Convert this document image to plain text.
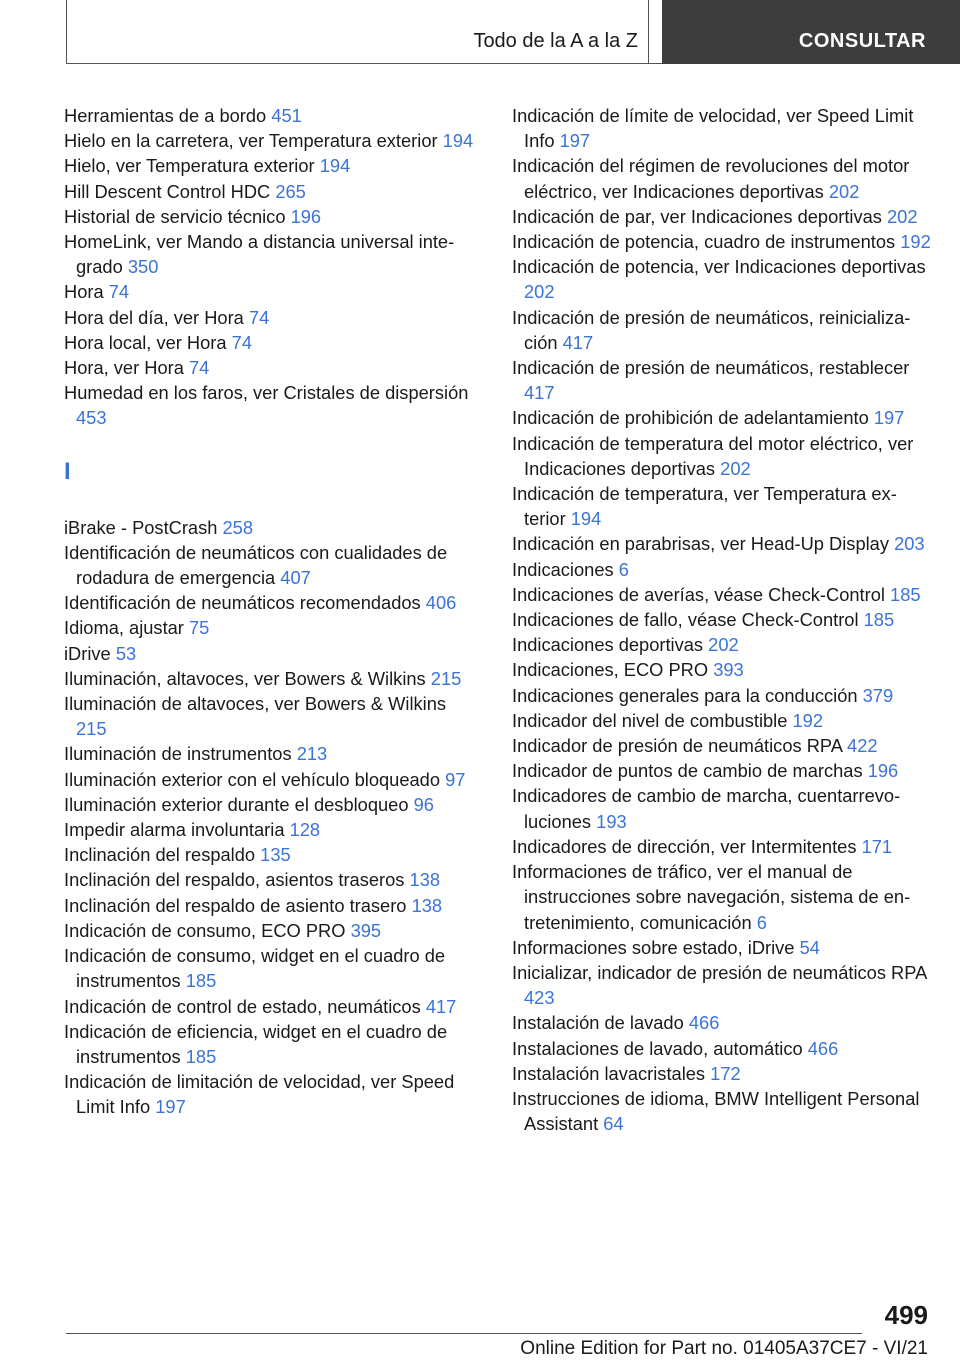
Todo de la A a la Z	CONSULTAR

Herramientas de a bordo 451

Hielo en la carretera, ver Temperatura exterior 194

Hielo, ver Temperatura exterior 194

Hill Descent Control HDC 265

Historial de servicio técnico 196

HomeLink, ver Mando a distancia universal integrado 350

Hora 74

Hora del día, ver Hora 74

Hora local, ver Hora 74

Hora, ver Hora 74

Humedad en los faros, ver Cristales de dispersión 453

I

iBrake - PostCrash 258

Identificación de neumáticos con cualidades de rodadura de emergencia 407

Identificación de neumáticos recomendados 406

Idioma, ajustar 75

iDrive 53

Iluminación, altavoces, ver Bowers & Wilkins 215

Iluminación de altavoces, ver Bowers & Wilkins 215

Iluminación de instrumentos 213

Iluminación exterior con el vehículo bloqueado 97

Iluminación exterior durante el desbloqueo 96

Impedir alarma involuntaria 128

Inclinación del respaldo 135

Inclinación del respaldo, asientos traseros 138

Inclinación del respaldo de asiento trasero 138

Indicación de consumo, ECO PRO 395

Indicación de consumo, widget en el cuadro de instrumentos 185

Indicación de control de estado, neumáticos 417

Indicación de eficiencia, widget en el cuadro de instrumentos 185

Indicación de limitación de velocidad, ver Speed Limit Info 197

Indicación de límite de velocidad, ver Speed Limit Info 197

Indicación del régimen de revoluciones del motor eléctrico, ver Indicaciones deportivas 202

Indicación de par, ver Indicaciones deportivas 202

Indicación de potencia, cuadro de instrumentos 192

Indicación de potencia, ver Indicaciones deportivas 202

Indicación de presión de neumáticos, reinicialización 417

Indicación de presión de neumáticos, restablecer 417

Indicación de prohibición de adelantamiento 197

Indicación de temperatura del motor eléctrico, ver Indicaciones deportivas 202

Indicación de temperatura, ver Temperatura exterior 194

Indicación en parabrisas, ver Head-Up Display 203

Indicaciones 6

Indicaciones de averías, véase Check-Control 185

Indicaciones de fallo, véase Check-Control 185

Indicaciones deportivas 202

Indicaciones, ECO PRO 393

Indicaciones generales para la conducción 379

Indicador del nivel de combustible 192

Indicador de presión de neumáticos RPA 422

Indicador de puntos de cambio de marchas 196

Indicadores de cambio de marcha, cuentarrevoluciones 193

Indicadores de dirección, ver Intermitentes 171

Informaciones de tráfico, ver el manual de instrucciones sobre navegación, sistema de entretenimiento, comunicación 6

Informaciones sobre estado, iDrive 54

Inicializar, indicador de presión de neumáticos RPA 423

Instalación de lavado 466

Instalaciones de lavado, automático 466

Instalación lavacristales 172

Instrucciones de idioma, BMW Intelligent Personal Assistant 64

499
Online Edition for Part no. 01405A37CE7 - VI/21
